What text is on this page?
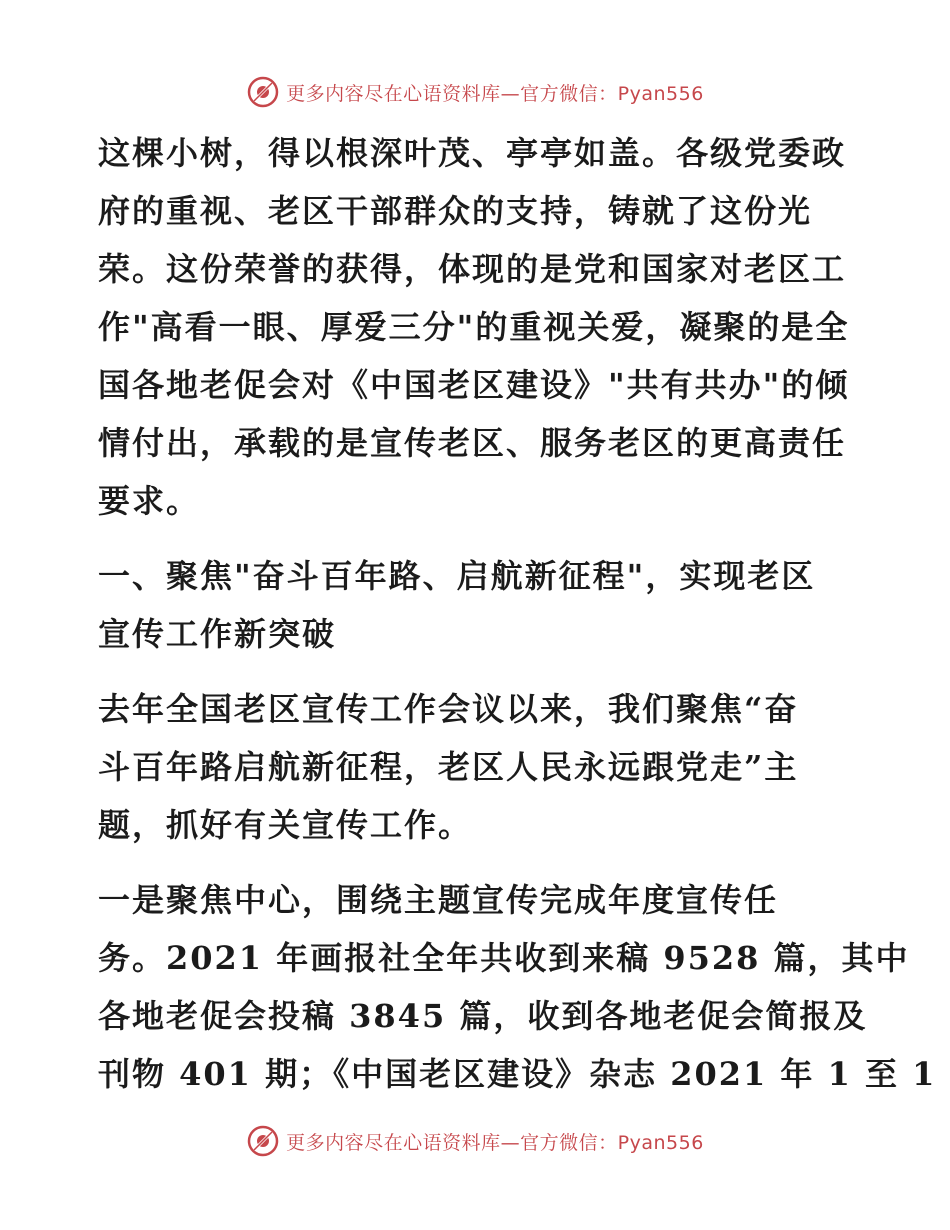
更多内容尽在心语资料库—官方微信：Pyan556
这棵小树，得以根深叶茂、亭亭如盖。各级党委政
府的重视、老区干部群众的支持，铸就了这份光
荣。这份荣誉的获得，体现的是党和国家对老区工
作"高看一眼、厚爱三分"的重视关爱，凝聚的是全
国各地老促会对《中国老区建设》"共有共办"的倾
情付出，承载的是宣传老区、服务老区的更高责任
要求。
一、聚焦"奋斗百年路、启航新征程"，实现老区
宣传工作新突破
去年全国老区宣传工作会议以来，我们聚焦“奋
斗百年路启航新征程，老区人民永远跟党走”主
题，抓好有关宣传工作。
一是聚焦中心，围绕主题宣传完成年度宣传任
务。2021 年画报社全年共收到来稿 9528 篇，其中
各地老促会投稿 3845 篇，收到各地老促会简报及
刊物 401 期；《中国老区建设》杂志 2021 年 1 至 1
更多内容尽在心语资料库—官方微信：Pyan556
